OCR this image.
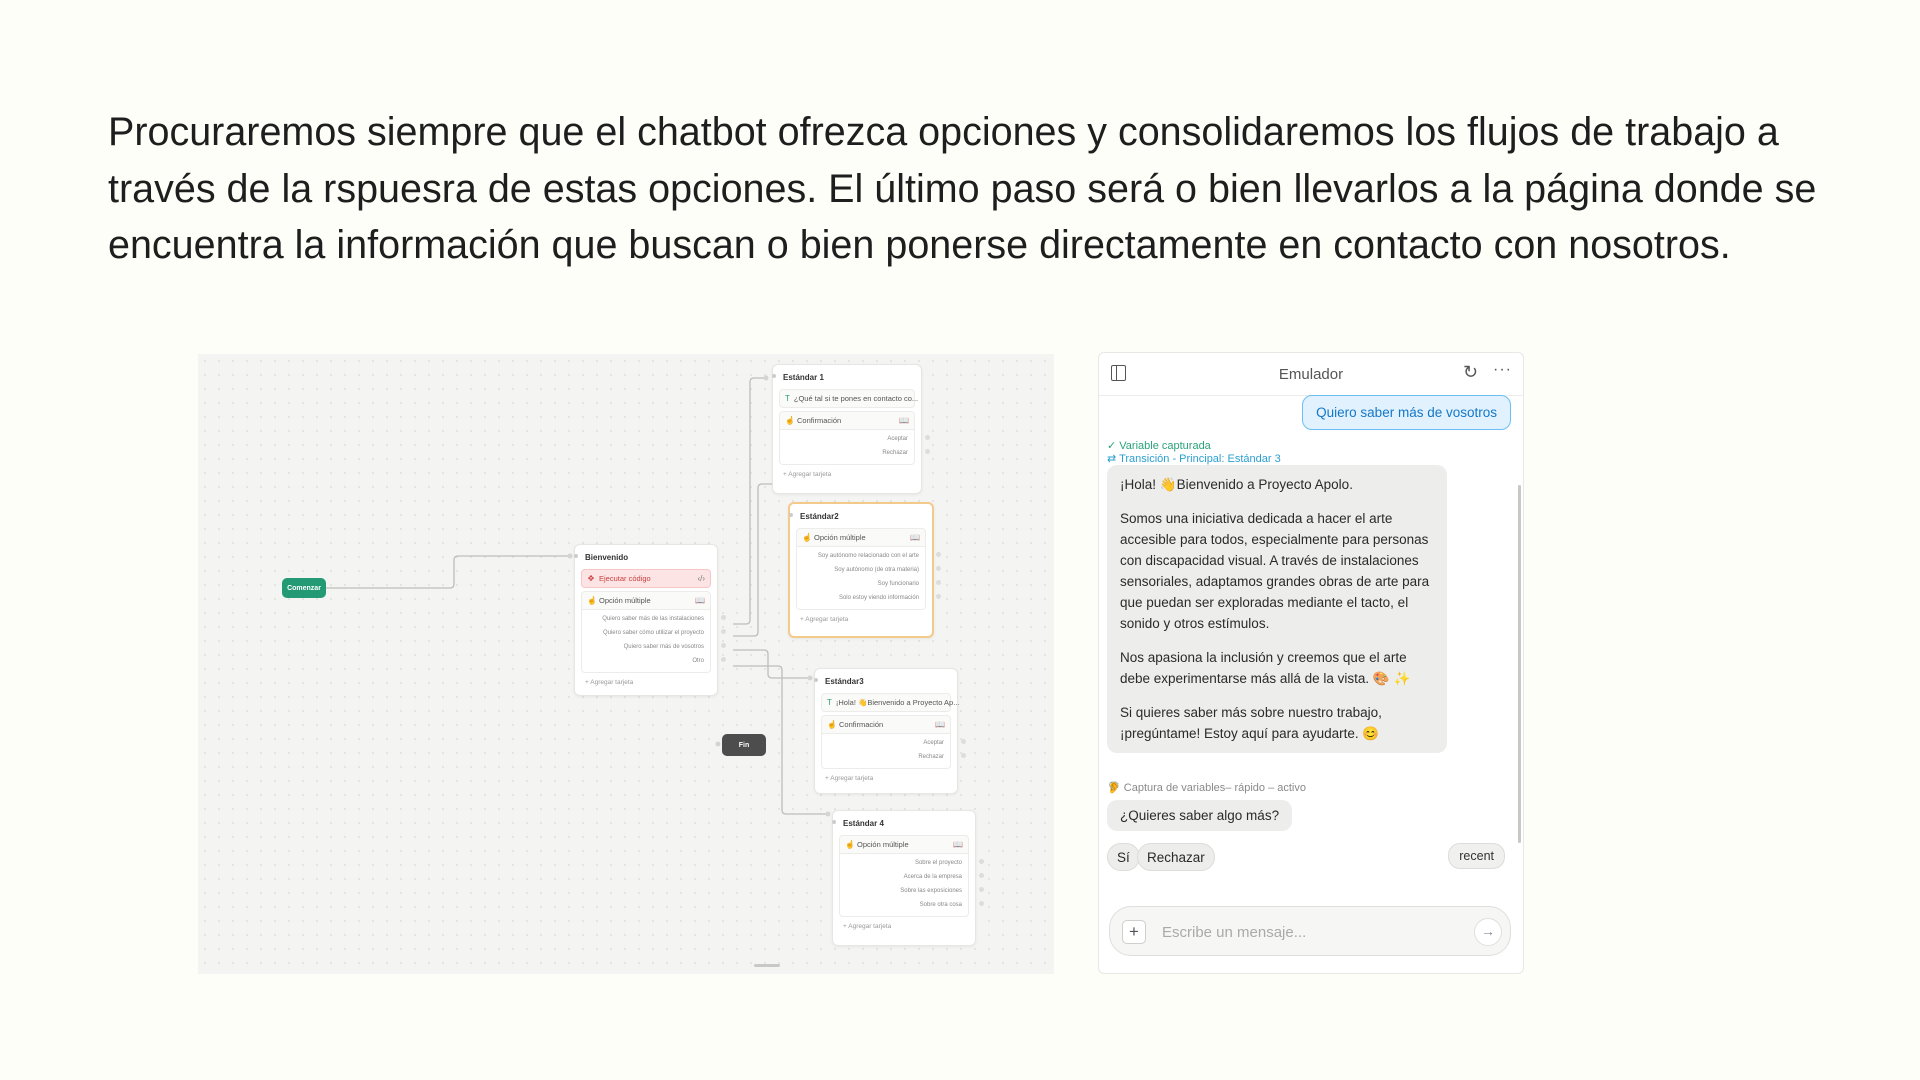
Procuraremos siempre que el chatbot ofrezca opciones y consolidaremos los flujos de trabajo a través de la rspuesra de estas opciones. El último paso será o bien llevarlos a la página donde se encuentra la información que buscan o bien ponerse directamente en contacto con nosotros.

Comenzar
Fin
Bienvenido
✥ Ejecutar código	‹/›
☝ Opción múltiple	📖
Quiero saber más de las instalaciones
Quiero saber cómo utilizar el proyecto
Quiero saber más de vosotros
Otro
+ Agregar tarjeta
Estándar 1
T ¿Qué tal si te pones en contacto co...
☝ Confirmación	📖
Aceptar
Rechazar
+ Agregar tarjeta
Estándar2
☝ Opción múltiple	📖
Soy autónomo relacionado con el arte
Soy autónomo (de otra materia)
Soy funcionario
Solo estoy viendo información
+ Agregar tarjeta
Estándar3
T ¡Hola! 👋Bienvenido a Proyecto Ap...
☝ Confirmación	📖
Aceptar
Rechazar
+ Agregar tarjeta
Estándar 4
☝ Opción múltiple	📖
Sobre el proyecto
Acerca de la empresa
Sobre las exposiciones
Sobre otra cosa
+ Agregar tarjeta
Emulador	↻ ···
Quiero saber más de vosotros
✓ Variable capturada
⇄ Transición - Principal: Estándar 3

¡Hola! 👋Bienvenido a Proyecto Apolo.

Somos una iniciativa dedicada a hacer el arte accesible para todos, especialmente para personas con discapacidad visual. A través de instalaciones sensoriales, adaptamos grandes obras de arte para que puedan ser exploradas mediante el tacto, el sonido y otros estímulos.

Nos apasiona la inclusión y creemos que el arte debe experimentarse más allá de la vista. 🎨 ✨

Si quieres saber más sobre nuestro trabajo, ¡pregúntame! Estoy aquí para ayudarte. 😊

🦻 Captura de variables– rápido – activo
¿Quieres saber algo más?
Sí	Rechazar	recent
+
Escribe un mensaje...	→
